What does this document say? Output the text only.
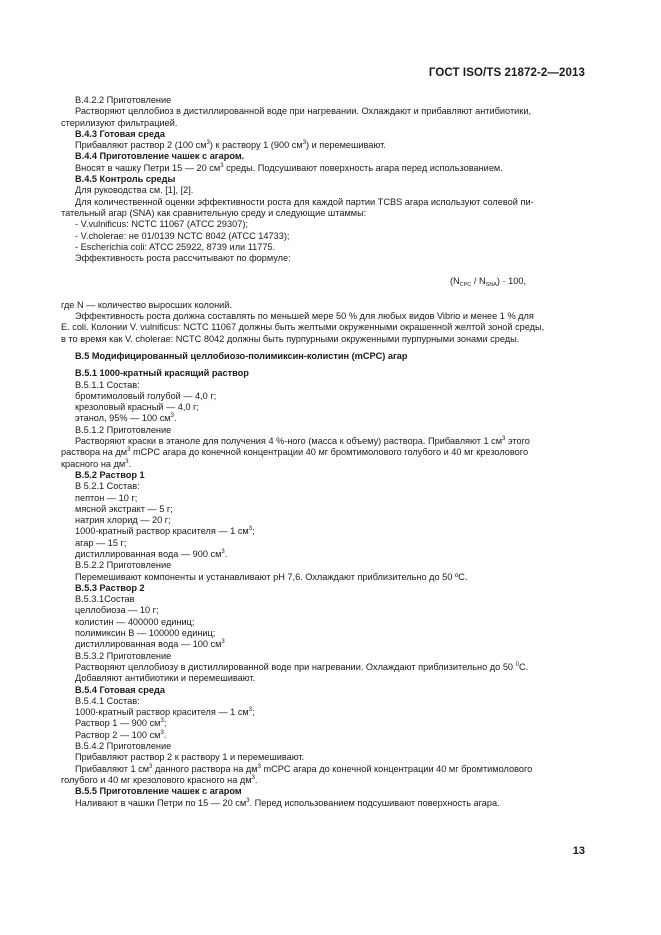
ГОСТ ISO/TS 21872-2—2013
В.4.2.2 Приготовление
Растворяют целлобиоз в дистиллированной воде при нагревании. Охлаждают и прибавляют антибиотики,
стерилизуют фильтрацией.
В.4.3 Готовая среда
Прибавляют раствор 2 (100 $см^3$) к раствору 1 (900 $см^3$) и перемешивают.
В.4.4 Приготовление чашек с агаром.
Вносят в чашку Петри 15 — 20 $см^3$ среды. Подсушивают поверхность агара перед использованием.
В.4.5 Контроль среды
Для руководства см. [1], [2].
Для количественной оценки эффективности роста для каждой партии TCBS агара используют солевой пи-
тательный агар (SNA) как сравнительную среду и следующие штаммы:
- V.vulnificus: NCTC 11067 (ATCC 29307);
- V.cholerae: не 01/0139 NCTC 8042 (ATCC 14733);
- Escherichia coli: ATCC 25922, 8739 или 11775.
Эффективность роста рассчитывают по формуле:
$(N_{CPC} / N_{SNA}) \cdot 100$,
где N — количество выросших колоний.
Эффективность роста должна составлять по меньшей мере 50 % для любых видов Vibrio и менее 1 % для
E. coli. Колонии V. vulnificus: NCTC 11067 должны быть желтыми окруженными окрашенной желтой зоной среды,
в то время как V. cholerae: NCTC 8042 должны быть пурпурными окруженными пурпурными зонами среды.
В.5 Модифицированный целлобиозо-полимиксин-колистин (mCPC) агар
В.5.1 1000-кратный красящий раствор
В.5.1.1 Состав:
бромтимоловый голубой — 4,0 г;
крезоловый красный — 4,0 г;
этанол, 95% — 100 $см^3$.
В.5.1.2 Приготовление
Растворяют краски в этаноле для получения 4 %-ного (масса к объему) раствора. Прибавляют 1 $см^3$ этого
раствора на $дм^3$ mCPC агара до конечной концентрации 40 мг бромтимолового голубого и 40 мг крезолового
красного на $дм^3$.
В.5.2 Раствор 1
В 5.2.1 Состав:
пептон — 10 г;
мясной экстракт — 5 г;
натрия хлорид — 20 г;
1000-кратный раствор красителя — 1 $см^3$;
агар — 15 г;
дистиллированная вода — 900 $см^3$.
В.5.2.2 Приготовление
Перемешивают компоненты и устанавливают pH 7,6. Охлаждают приблизительно до 50 ºС.
В.5.3 Раствор 2
В.5.3.1Состав
целлобиоза — 10 г;
колистин — 400000 единиц;
полимиксин В — 100000 единиц;
дистиллированная вода — 100 $см^3$
В.5.3.2 Приготовление
Растворяют целлобиозу в дистиллированной воде при нагревании. Охлаждают приблизительно до 50 $^0$С.
Добавляют антибиотики и перемешивают.
В.5.4 Готовая среда
В.5.4.1 Состав:
1000-кратный раствор красителя — 1 $см^3$;
Раствор 1 — 900 $см^3$;
Раствор 2 — 100 $см^3$.
В.5.4.2 Приготовление
Прибавляют раствор 2 к раствору 1 и перемешивают.
Прибавляют 1 $см^3$ данного раствора на $дм^3$ mCPC агара до конечной концентрации 40 мг бромтимолового
голубого и 40 мг крезолового красного на $дм^3$.
В.5.5 Приготовление чашек с агаром
Наливают в чашки Петри по 15 — 20 $см^3$. Перед использованием подсушивают поверхность агара.
13
